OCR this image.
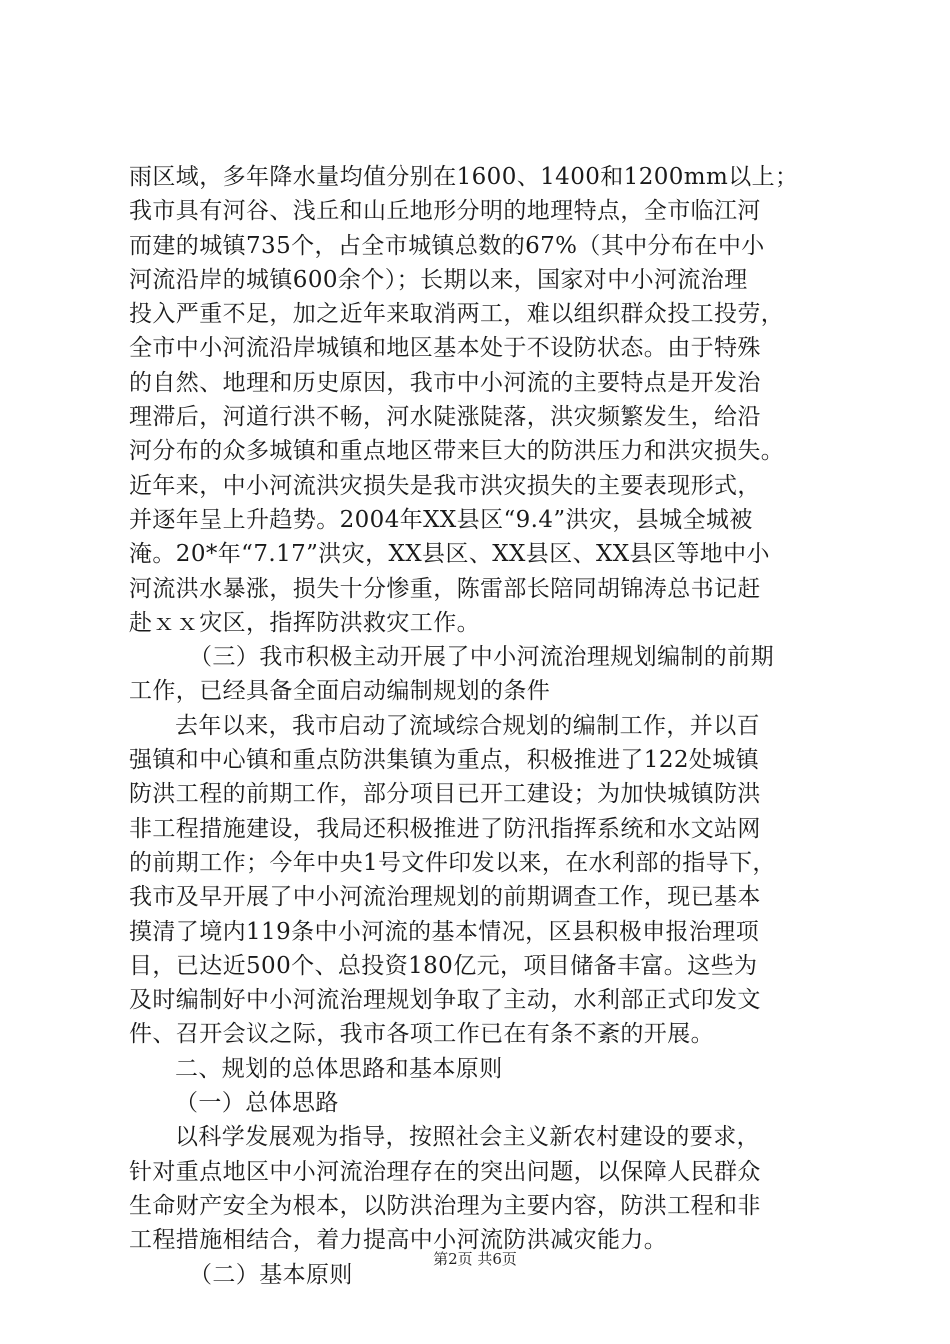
雨区域，多年降水量均值分别在1600、1400和1200mm以上；
我市具有河谷、浅丘和山丘地形分明的地理特点，全市临江河
而建的城镇735个，占全市城镇总数的67%（其中分布在中小
河流沿岸的城镇600余个）；长期以来，国家对中小河流治理
投入严重不足，加之近年来取消两工，难以组织群众投工投劳，
全市中小河流沿岸城镇和地区基本处于不设防状态。由于特殊
的自然、地理和历史原因，我市中小河流的主要特点是开发治
理滞后，河道行洪不畅，河水陡涨陡落，洪灾频繁发生，给沿
河分布的众多城镇和重点地区带来巨大的防洪压力和洪灾损失。
近年来，中小河流洪灾损失是我市洪灾损失的主要表现形式，
并逐年呈上升趋势。2004年XX县区“9.4”洪灾，县城全城被
淹。20*年“7.17”洪灾，XX县区、XX县区、XX县区等地中小
河流洪水暴涨，损失十分惨重，陈雷部长陪同胡锦涛总书记赶
赴ｘｘ灾区，指挥防洪救灾工作。
（三）我市积极主动开展了中小河流治理规划编制的前期
工作，已经具备全面启动编制规划的条件
去年以来，我市启动了流域综合规划的编制工作，并以百
强镇和中心镇和重点防洪集镇为重点，积极推进了122处城镇
防洪工程的前期工作，部分项目已开工建设；为加快城镇防洪
非工程措施建设，我局还积极推进了防汛指挥系统和水文站网
的前期工作；今年中央1号文件印发以来，在水利部的指导下，
我市及早开展了中小河流治理规划的前期调查工作，现已基本
摸清了境内119条中小河流的基本情况，区县积极申报治理项
目，已达近500个、总投资180亿元，项目储备丰富。这些为
及时编制好中小河流治理规划争取了主动，水利部正式印发文
件、召开会议之际，我市各项工作已在有条不紊的开展。
二、规划的总体思路和基本原则
（一）总体思路
以科学发展观为指导，按照社会主义新农村建设的要求，
针对重点地区中小河流治理存在的突出问题，以保障人民群众
生命财产安全为根本，以防洪治理为主要内容，防洪工程和非
工程措施相结合，着力提高中小河流防洪减灾能力。
（二）基本原则
第2页 共6页
